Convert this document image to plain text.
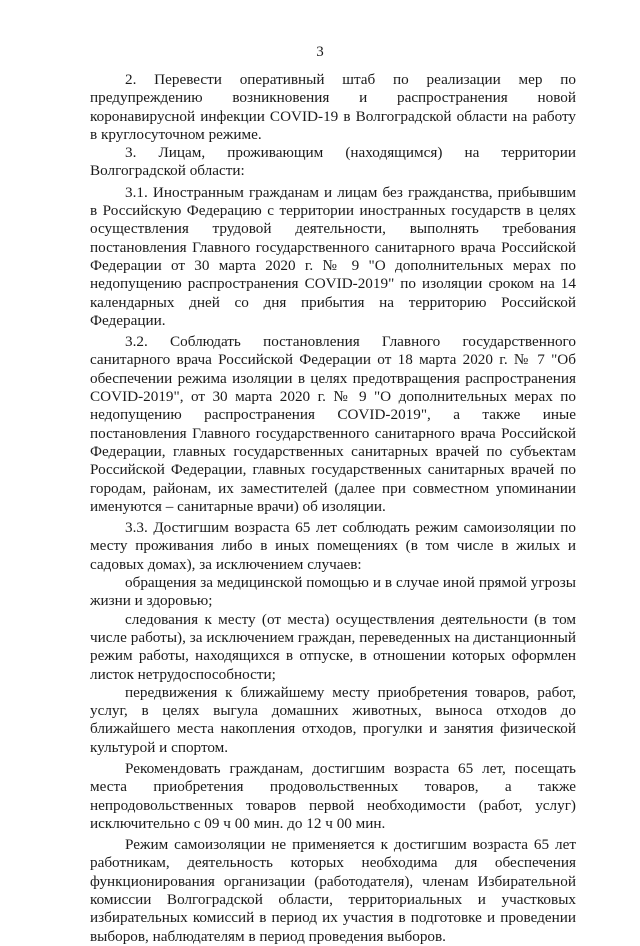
3

2. Перевести оперативный штаб по реализации мер по предупреждению возникновения и распространения новой коронавирусной инфекции COVID-19 в Волгоградской области на работу в круглосуточном режиме.

3. Лицам, проживающим (находящимся) на территории Волгоградской области:

3.1. Иностранным гражданам и лицам без гражданства, прибывшим в Российскую Федерацию с территории иностранных государств в целях осуществления трудовой деятельности, выполнять требования постановления Главного государственного санитарного врача Российской Федерации от 30 марта 2020 г. № 9 "О дополнительных мерах по недопущению распространения COVID-2019" по изоляции сроком на 14 календарных дней со дня прибытия на территорию Российской Федерации.

3.2. Соблюдать постановления Главного государственного санитарного врача Российской Федерации от 18 марта 2020 г. № 7 "Об обеспечении режима изоляции в целях предотвращения распространения COVID-2019", от 30 марта 2020 г. № 9 "О дополнительных мерах по недопущению распространения COVID-2019", а также иные постановления Главного государственного санитарного врача Российской Федерации, главных государственных санитарных врачей по субъектам Российской Федерации, главных государственных санитарных врачей по городам, районам, их заместителей (далее при совместном упоминании именуются – санитарные врачи) об изоляции.

3.3. Достигшим возраста 65 лет соблюдать режим самоизоляции по месту проживания либо в иных помещениях (в том числе в жилых и садовых домах), за исключением случаев:

обращения за медицинской помощью и в случае иной прямой угрозы жизни и здоровью;

следования к месту (от места) осуществления деятельности (в том числе работы), за исключением граждан, переведенных на дистанционный режим работы, находящихся в отпуске, в отношении которых оформлен листок нетрудоспособности;

передвижения к ближайшему месту приобретения товаров, работ, услуг, в целях выгула домашних животных, выноса отходов до ближайшего места накопления отходов, прогулки и занятия физической культурой и спортом.

Рекомендовать гражданам, достигшим возраста 65 лет, посещать места приобретения продовольственных товаров, а также непродовольственных товаров первой необходимости (работ, услуг) исключительно с 09 ч 00 мин. до 12 ч 00 мин.

Режим самоизоляции не применяется к достигшим возраста 65 лет работникам, деятельность которых необходима для обеспечения функционирования организации (работодателя), членам Избирательной комиссии Волгоградской области, территориальных и участковых избирательных комиссий в период их участия в подготовке и проведении выборов, наблюдателям в период проведения выборов.
